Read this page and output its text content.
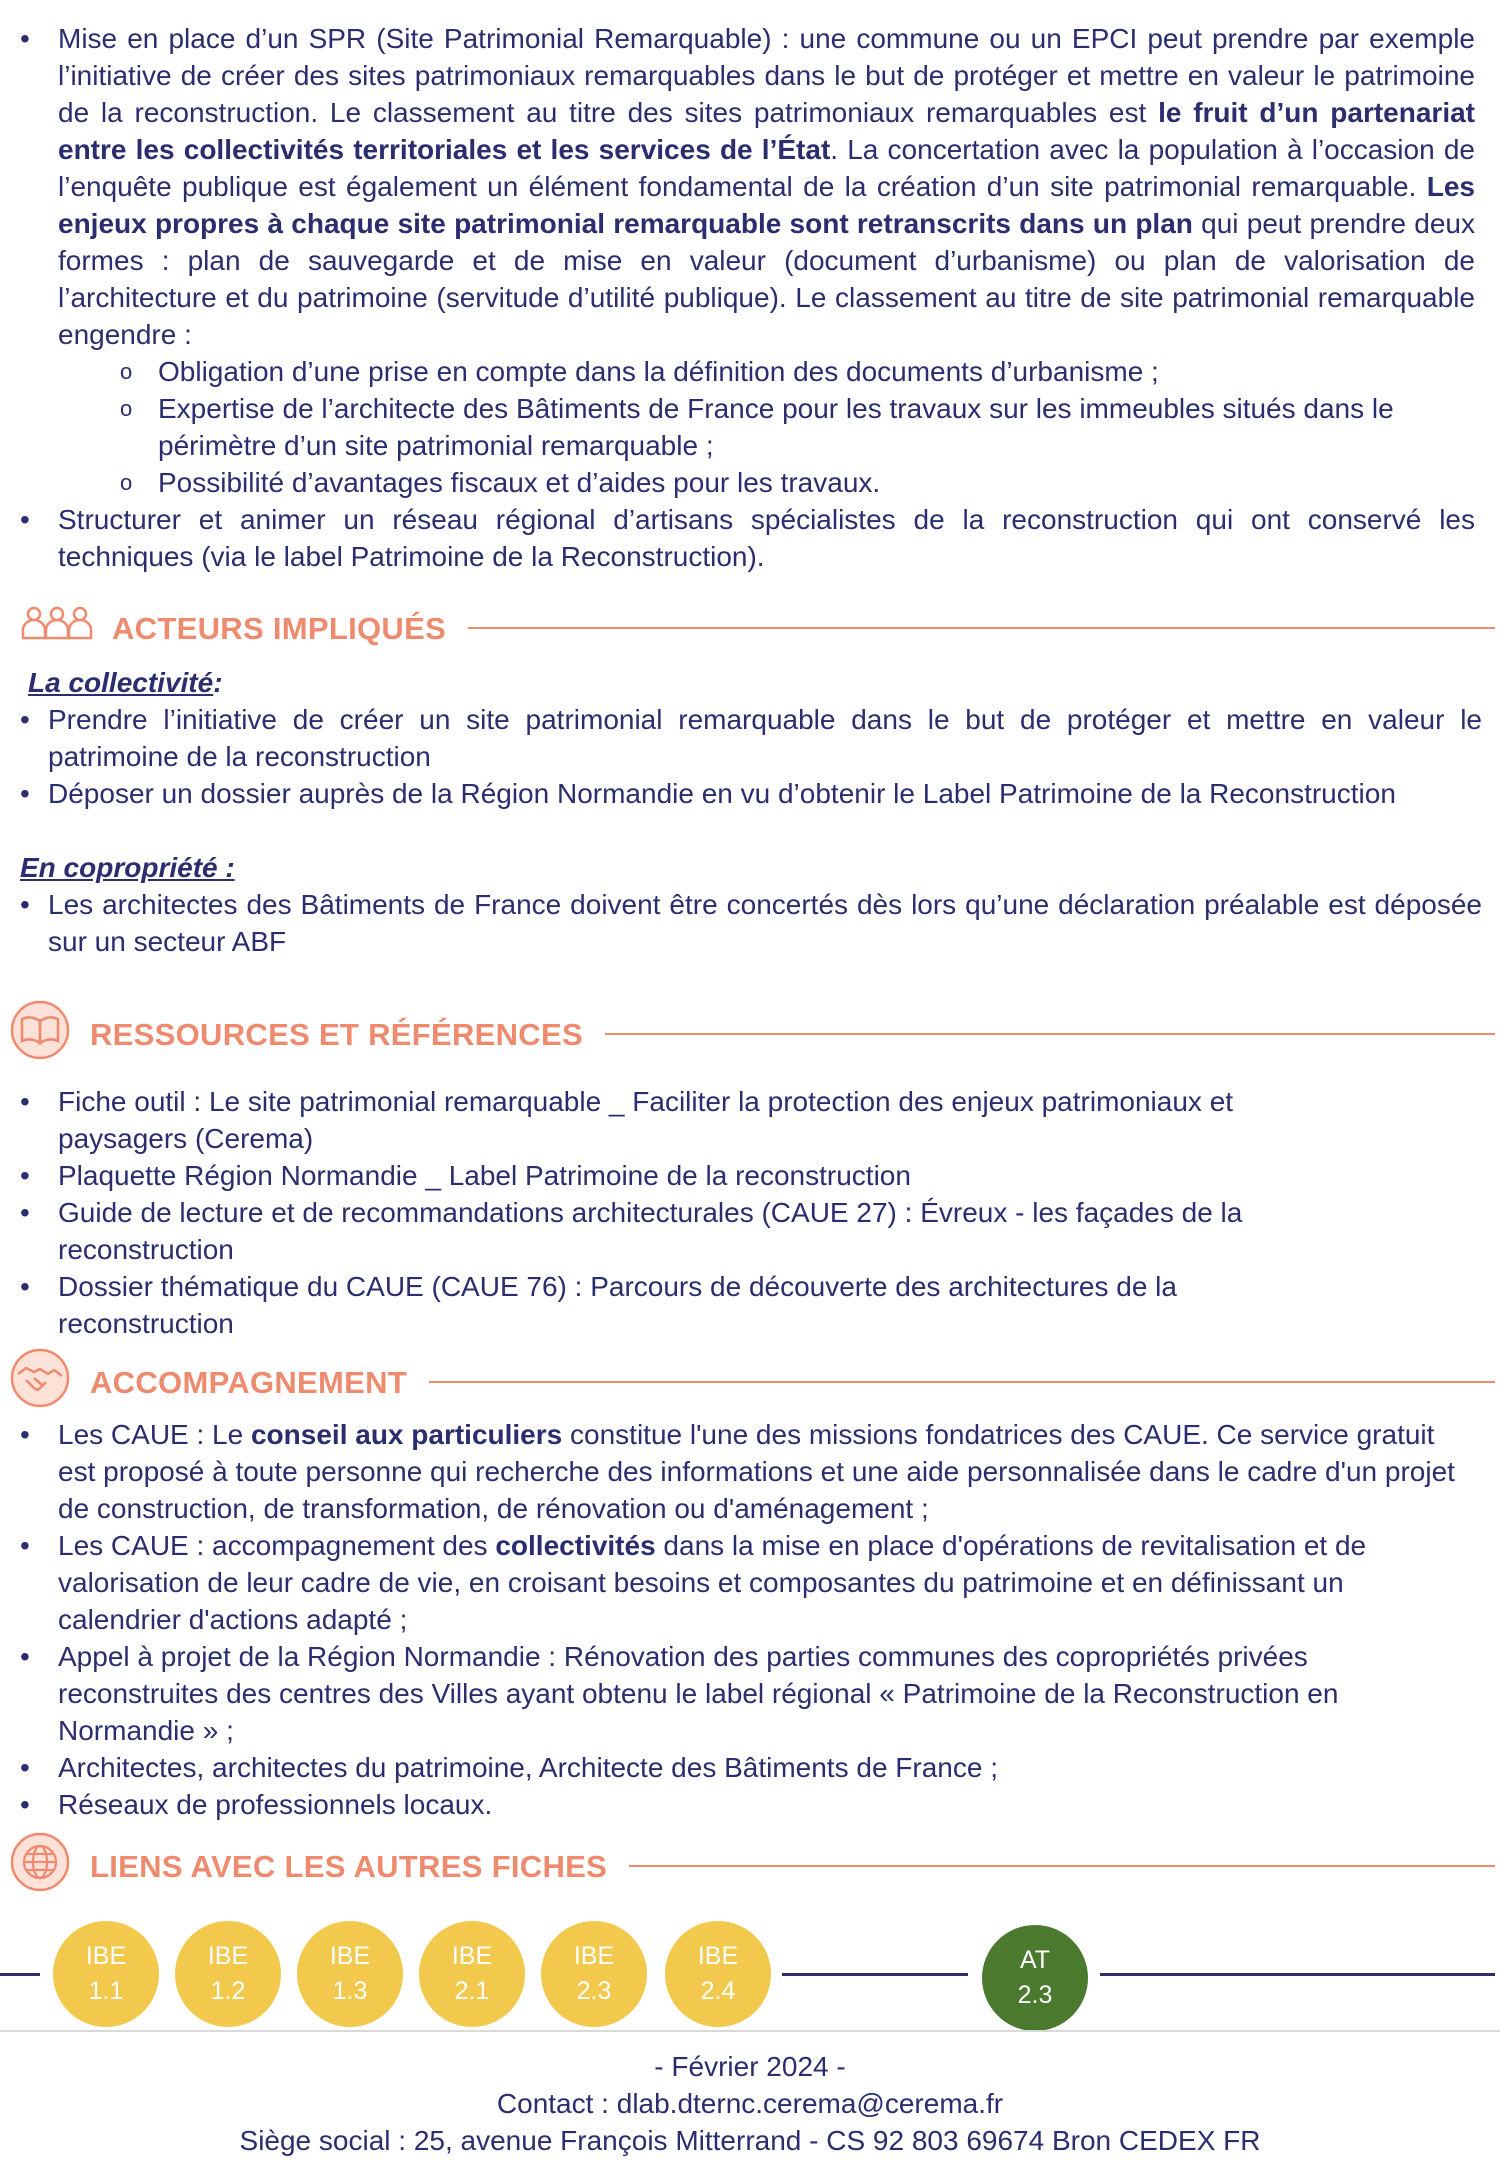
• Mise en place d’un SPR (Site Patrimonial Remarquable) : une commune ou un EPCI peut prendre par exemple l’initiative de créer des sites patrimoniaux remarquables dans le but de protéger et mettre en valeur le patrimoine de la reconstruction. Le classement au titre des sites patrimoniaux remarquables est le fruit d’un partenariat entre les collectivités territoriales et les services de l’État. La concertation avec la population à l’occasion de l’enquête publique est également un élément fondamental de la création d’un site patrimonial remarquable. Les enjeux propres à chaque site patrimonial remarquable sont retranscrits dans un plan qui peut prendre deux formes : plan de sauvegarde et de mise en valeur (document d’urbanisme) ou plan de valorisation de l’architecture et du patrimoine (servitude d’utilité publique). Le classement au titre de site patrimonial remarquable engendre :
o Obligation d’une prise en compte dans la définition des documents d’urbanisme ;
o Expertise de l’architecte des Bâtiments de France pour les travaux sur les immeubles situés dans le périmètre d’un site patrimonial remarquable ;
o Possibilité d’avantages fiscaux et d’aides pour les travaux.
• Structurer et animer un réseau régional d’artisans spécialistes de la reconstruction qui ont conservé les techniques (via le label Patrimoine de la Reconstruction).
ACTEURS IMPLIQUÉS
La collectivité:
• Prendre l’initiative de créer un site patrimonial remarquable dans le but de protéger et mettre en valeur le patrimoine de la reconstruction
• Déposer un dossier auprès de la Région Normandie en vu d’obtenir le Label Patrimoine de la Reconstruction
En copropriété :
• Les architectes des Bâtiments de France doivent être concertés dès lors qu’une déclaration préalable est déposée sur un secteur ABF
RESSOURCES ET RÉFÉRENCES
• Fiche outil : Le site patrimonial remarquable _ Faciliter la protection des enjeux patrimoniaux et paysagers (Cerema)
• Plaquette Région Normandie _ Label Patrimoine de la reconstruction
• Guide de lecture et de recommandations architecturales (CAUE 27) : Évreux - les façades de la reconstruction
• Dossier thématique du CAUE (CAUE 76) : Parcours de découverte des architectures de la reconstruction
ACCOMPAGNEMENT
• Les CAUE : Le conseil aux particuliers constitue l'une des missions fondatrices des CAUE. Ce service gratuit est proposé à toute personne qui recherche des informations et une aide personnalisée dans le cadre d'un projet de construction, de transformation, de rénovation ou d'aménagement ;
• Les CAUE : accompagnement des collectivités dans la mise en place d'opérations de revitalisation et de valorisation de leur cadre de vie, en croisant besoins et composantes du patrimoine et en définissant un calendrier d'actions adapté ;
• Appel à projet de la Région Normandie : Rénovation des parties communes des copropriétés privées reconstruites des centres des Villes ayant obtenu le label régional « Patrimoine de la Reconstruction en Normandie » ;
• Architectes, architectes du patrimoine, Architecte des Bâtiments de France ;
• Réseaux de professionnels locaux.
LIENS AVEC LES AUTRES FICHES
IBE
1.1
IBE
1.2
IBE
1.3
IBE
2.1
IBE
2.3
IBE
2.4
AT
2.3
- Février 2024 -
Contact : dlab.dternc.cerema@cerema.fr
Siège social : 25, avenue François Mitterrand - CS 92 803 69674 Bron CEDEX FR
